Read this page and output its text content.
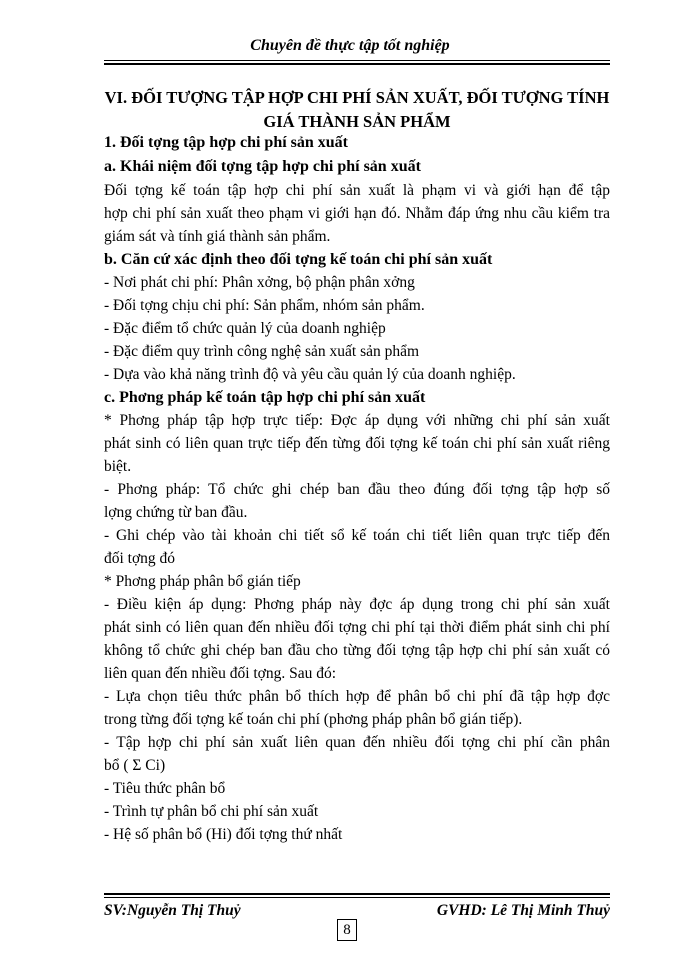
Chuyên đề thực tập tốt nghiệp
VI. ĐỐI TƯỢNG TẬP HỢP CHI PHÍ SẢN XUẤT, ĐỐI TƯỢNG TÍNH
GIÁ THÀNH SẢN PHẨM
1. Đối tợng tập hợp chi phí sản xuất
a. Khái niệm đối tợng tập hợp chi phí sản xuất
Đối tợng kế toán tập hợp chi phí sản xuất là phạm vi và giới hạn để tập
hợp chi phí sản xuất theo phạm vi giới hạn đó. Nhằm đáp ứng nhu cầu kiểm tra
giám sát và tính giá thành sản phẩm.
b. Căn cứ xác định theo đối tợng kế toán chi phí sản xuất
- Nơi phát chi phí: Phân xởng, bộ phận phân xởng
- Đối tợng chịu chi phí: Sản phẩm, nhóm sản phẩm.
- Đặc điểm tổ chức quản lý của doanh nghiệp
- Đặc điểm quy trình công nghệ sản xuất sản phẩm
- Dựa vào khả năng trình độ và yêu cầu quản lý của doanh nghiệp.
c. Phơng pháp kế toán tập hợp chi phí sản xuất
* Phơng pháp tập hợp trực tiếp: Đợc áp dụng với những chi phí sản xuất
phát sinh có liên quan trực tiếp đến từng đối tợng kế toán chi phí sản xuất riêng
biệt.
- Phơng pháp: Tổ chức ghi chép ban đầu theo đúng đối tợng tập hợp số
lợng chứng từ ban đầu.
- Ghi chép vào tài khoản chi tiết sổ kế toán chi tiết liên quan trực tiếp đến
đối tợng đó
* Phơng pháp phân bổ gián tiếp
- Điều kiện áp dụng: Phơng pháp này đợc áp dụng trong chi phí sản xuất
phát sinh có liên quan đến nhiều đối tợng chi phí tại thời điểm phát sinh chi phí
không tổ chức ghi chép ban đầu cho từng đối tợng tập hợp chi phí sản xuất có
liên quan đến nhiều đối tợng. Sau đó:
- Lựa chọn tiêu thức phân bổ thích hợp để phân bổ chi phí đã tập hợp đợc
trong từng đối tợng kế toán chi phí (phơng pháp phân bổ gián tiếp).
- Tập hợp chi phí sản xuất liên quan đến nhiều đối tợng chi phí cần phân
bổ ( Σ Ci)
- Tiêu thức phân bổ
- Trình tự phân bổ chi phí sản xuất
- Hệ số phân bổ (Hi) đối tợng thứ nhất
SV:Nguyễn Thị Thuỷ	GVHD: Lê Thị Minh Thuỷ
8
